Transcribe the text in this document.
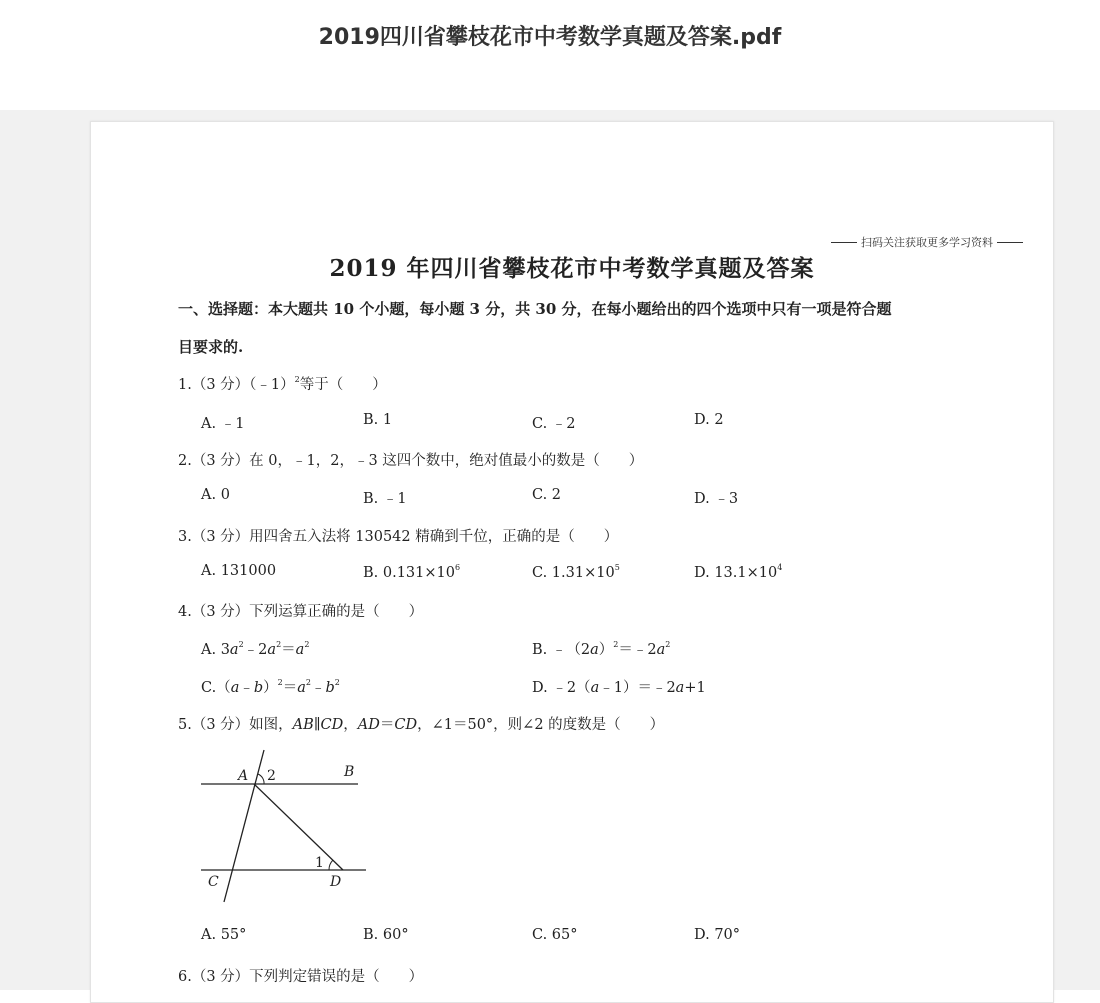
2019四川省攀枝花市中考数学真题及答案.pdf
扫码关注获取更多学习资料
2019 年四川省攀枝花市中考数学真题及答案
一、选择题：本大题共 10 个小题，每小题 3 分，共 30 分，在每小题给出的四个选项中只有一项是符合题
目要求的.
1.（3 分）（﹣1）$^2$等于（　　）
A. ﹣1	B. 1	C. ﹣2	D. 2
2.（3 分）在 0，﹣1，2，﹣3 这四个数中，绝对值最小的数是（　　）
A. 0	B. ﹣1	C. 2	D. ﹣3
3.（3 分）用四舍五入法将 130542 精确到千位，正确的是（　　）
A. 131000	B. $0.131\times 10^6$	C. $1.31\times 10^5$	D. $13.1\times 10^4$
4.（3 分）下列运算正确的是（　　）
A. $3a^2﹣2a^2=a^2$	B. $﹣(2a)^2=﹣2a^2$
$C.(a﹣b)^2=a^2﹣b^2$	D. ﹣2（a﹣1）＝﹣2a+1
5.（3 分）如图，AB∥CD，AD＝CD，∠1＝50°，则∠2 的度数是（　　）
A 2	B
1
C	D
A. 55°	B. 60°	C. 65°	D. 70°
6.（3 分）下列判定错误的是（　　）
